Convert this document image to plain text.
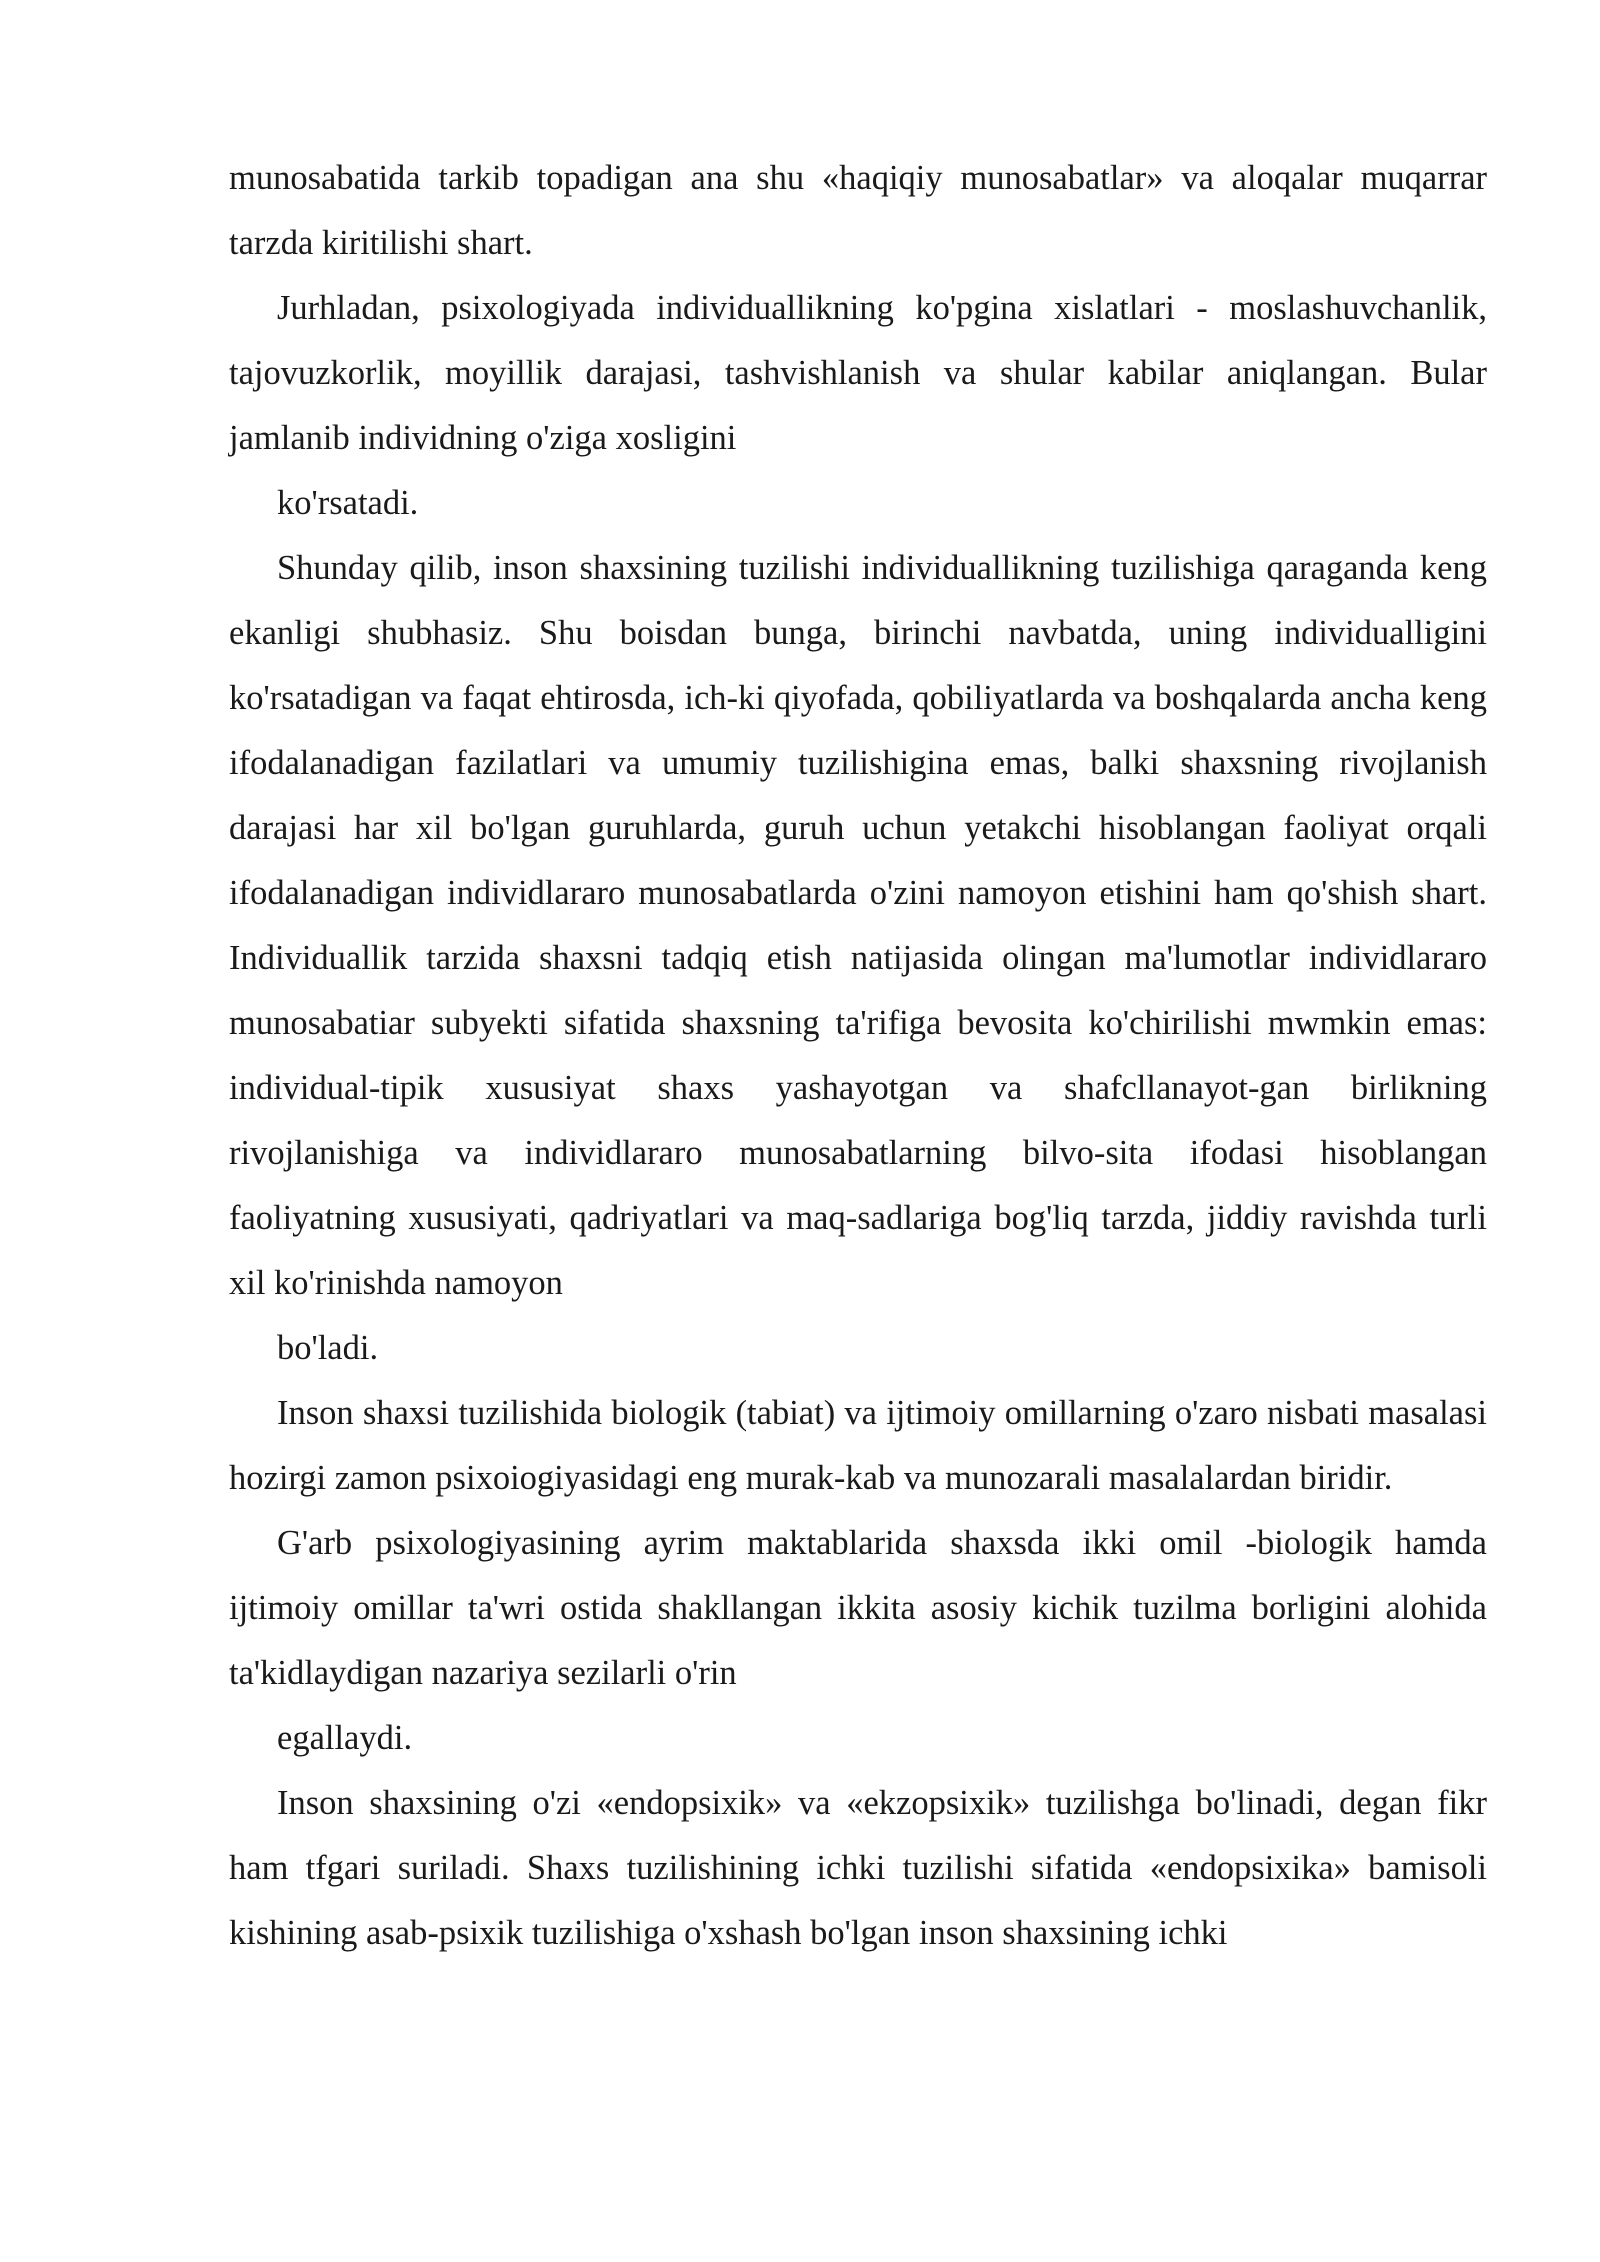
munosabatida tarkib topadigan ana shu «haqiqiy munosabatlar» va aloqalar muqarrar tarzda kiritilishi shart.

Jurhladan, psixologiyada individuallikning ko'pgina xislatlari - moslashuvchanlik, tajovuzkorlik, moyillik darajasi, tashvishlanish va shular kabilar aniqlangan. Bular jamlanib individning o'ziga xosligini

ko'rsatadi.

Shunday qilib, inson shaxsining tuzilishi individuallikning tuzilishiga qaraganda keng ekanligi shubhasiz. Shu boisdan bunga, birinchi navbatda, uning individualligini ko'rsatadigan va faqat ehtirosda, ich-ki qiyofada, qobiliyatlarda va boshqalarda ancha keng ifodalanadigan fazilatlari va umumiy tuzilishigina emas, balki shaxsning rivojlanish darajasi har xil bo'lgan guruhlarda, guruh uchun yetakchi hisoblangan faoliyat orqali ifodalanadigan individlararo munosabatlarda o'zini namoyon etishini ham qo'shish shart. Individuallik tarzida shaxsni tadqiq etish natijasida olingan ma'lumotlar individlararo munosabatiar subyekti sifatida shaxsning ta'rifiga bevosita ko'chirilishi mwmkin emas: individual-tipik xususiyat shaxs yashayotgan va shafcllanayot-gan birlikning rivojlanishiga va individlararo munosabatlarning bilvo-sita ifodasi hisoblangan faoliyatning xususiyati, qadriyatlari va maq-sadlariga bog'liq tarzda, jiddiy ravishda turli xil ko'rinishda namoyon

bo'ladi.

Inson shaxsi tuzilishida biologik (tabiat) va ijtimoiy omillarning o'zaro nisbati masalasi hozirgi zamon psixoiogiyasidagi eng murak-kab va munozarali masalalardan biridir.

G'arb psixologiyasining ayrim maktablarida shaxsda ikki omil -biologik hamda ijtimoiy omillar ta'wri ostida shakllangan ikkita asosiy kichik tuzilma borligini alohida ta'kidlaydigan nazariya sezilarli o'rin

egallaydi.

Inson shaxsining o'zi «endopsixik» va «ekzopsixik» tuzilishga bo'linadi, degan fikr ham tfgari suriladi. Shaxs tuzilishining ichki tuzilishi sifatida «endopsixika» bamisoli kishining asab-psixik tuzilishiga o'xshash bo'lgan inson shaxsining ichki
